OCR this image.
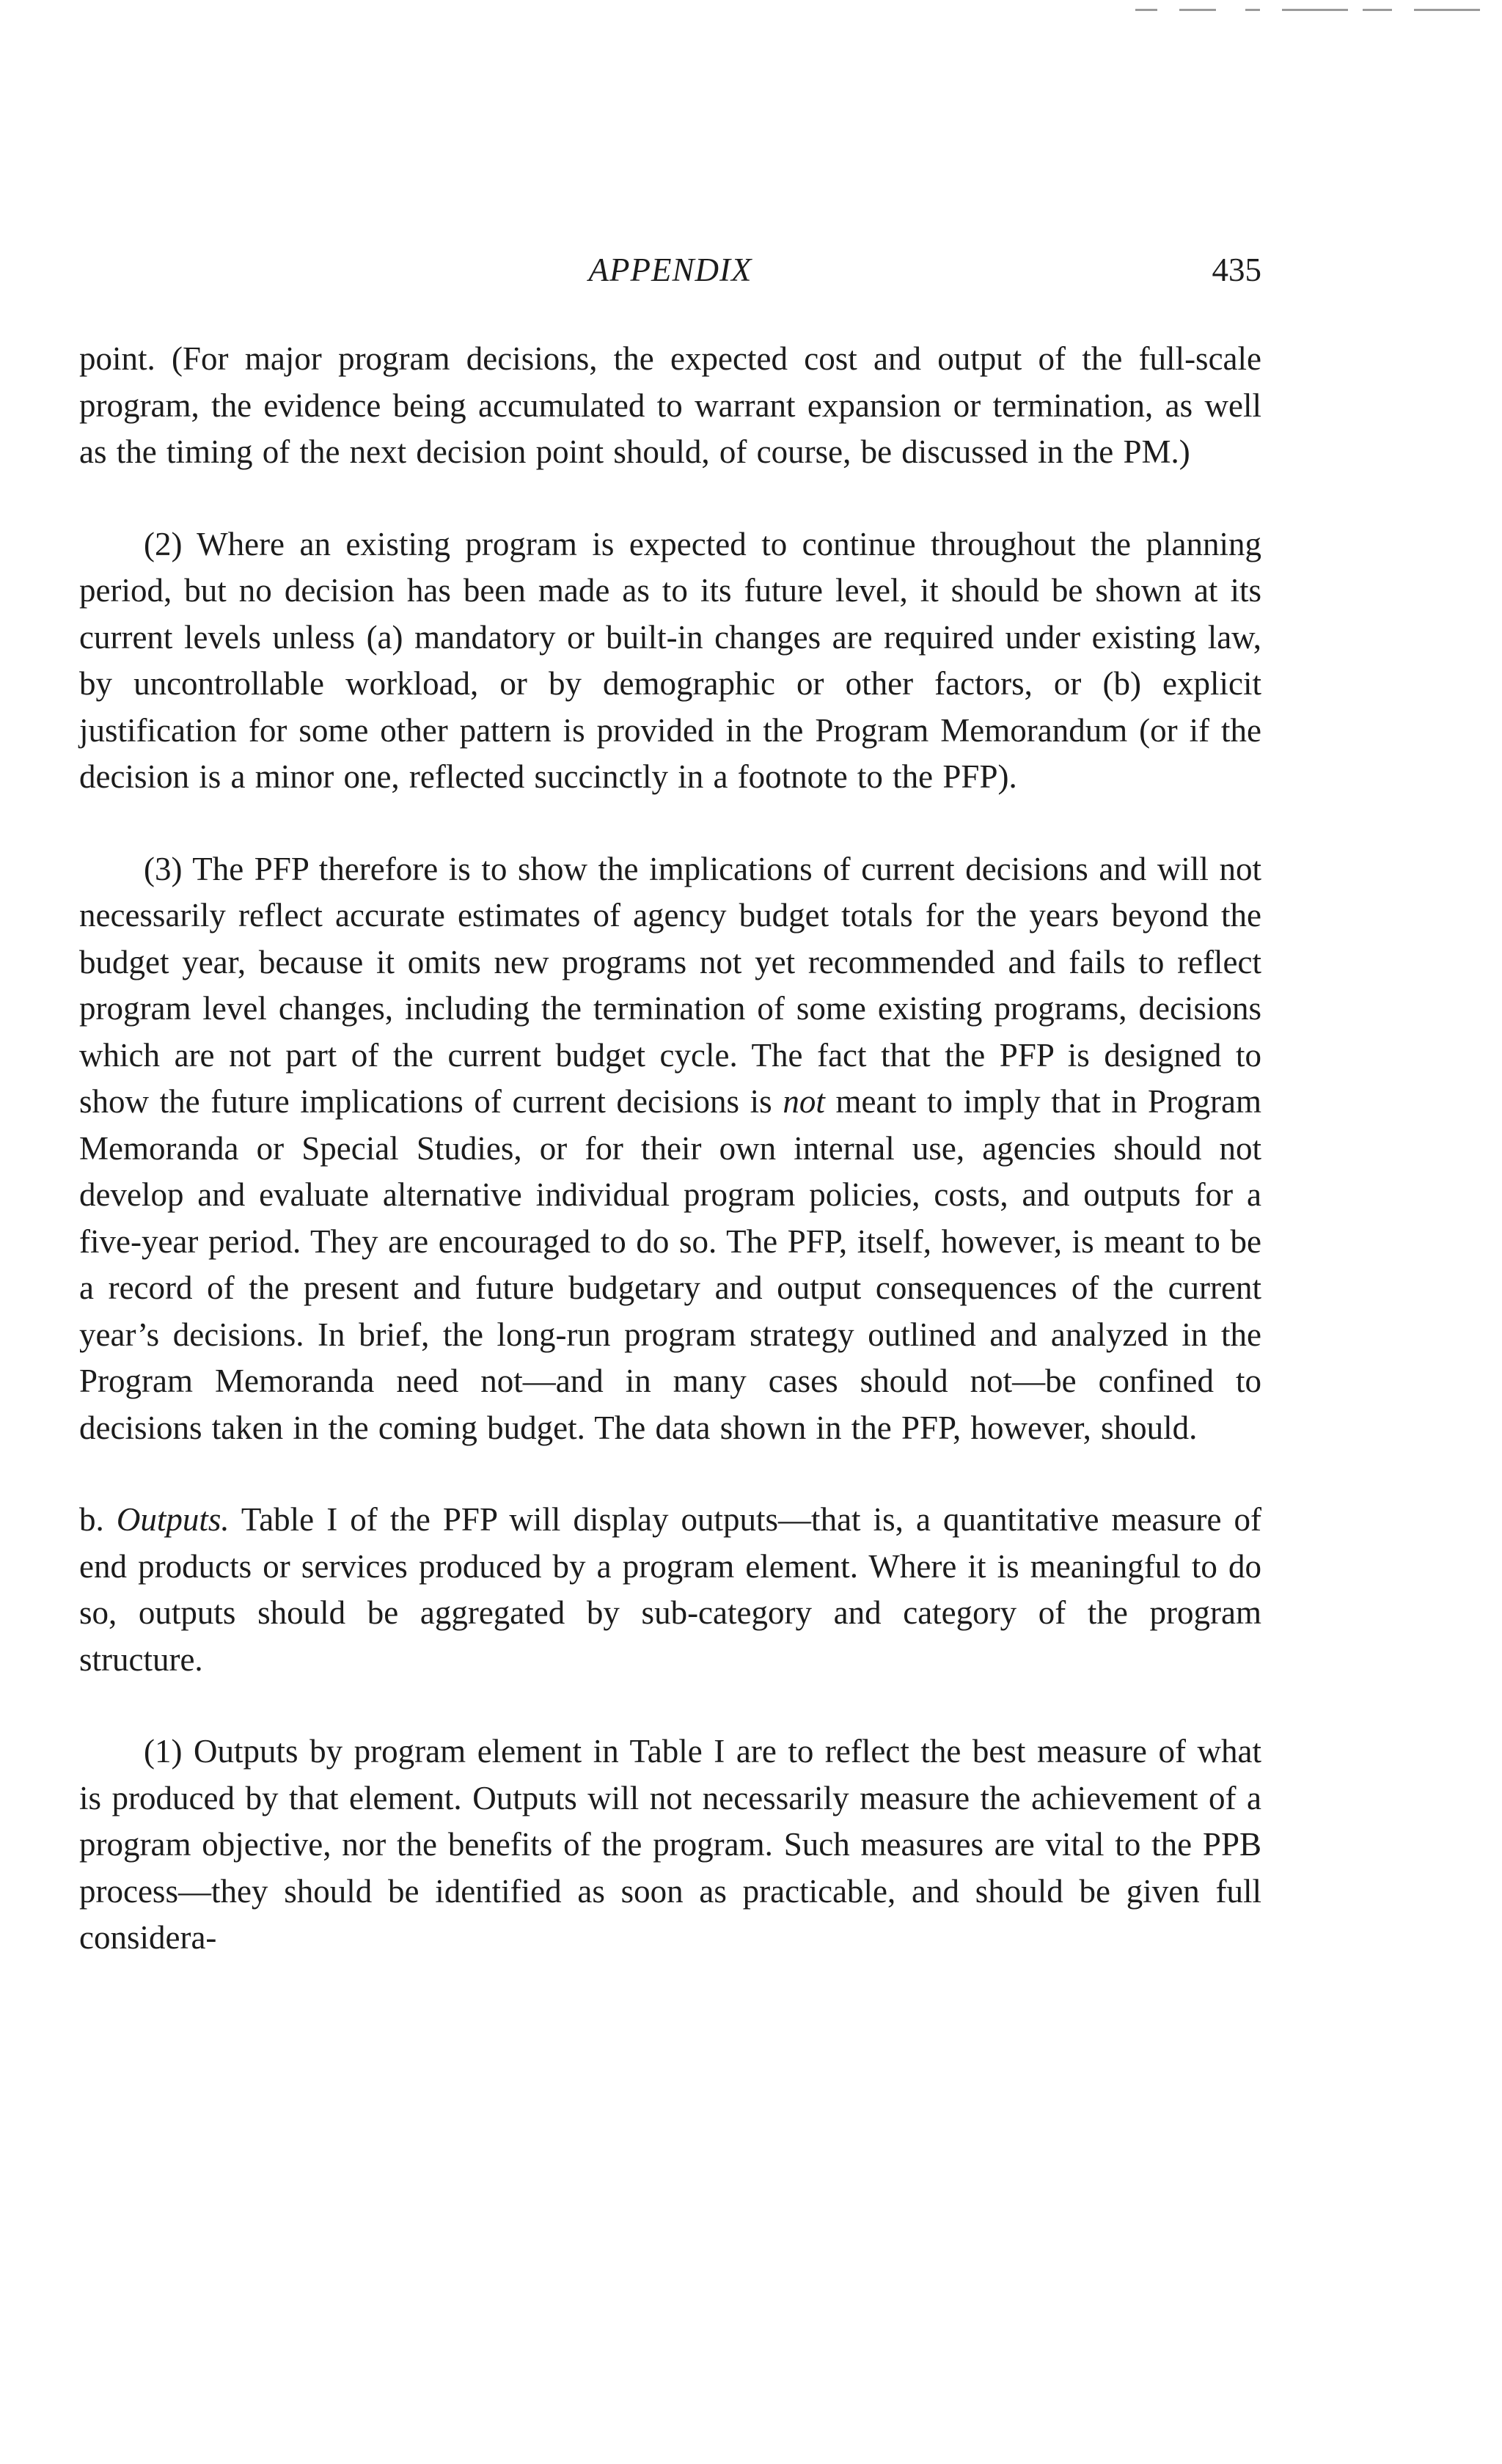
APPENDIX	435

point. (For major program decisions, the expected cost and output of the full-scale program, the evidence being accumulated to warrant expansion or termination, as well as the timing of the next decision point should, of course, be discussed in the PM.)

(2) Where an existing program is expected to continue throughout the planning period, but no decision has been made as to its future level, it should be shown at its current levels unless (a) mandatory or built-in changes are required under existing law, by uncontrollable workload, or by demographic or other factors, or (b) explicit justification for some other pattern is provided in the Program Memorandum (or if the decision is a minor one, reflected succinctly in a footnote to the PFP).

(3) The PFP therefore is to show the implications of current decisions and will not necessarily reflect accurate estimates of agency budget totals for the years beyond the budget year, because it omits new programs not yet recommended and fails to reflect program level changes, including the termination of some existing programs, decisions which are not part of the current budget cycle. The fact that the PFP is designed to show the future implications of current decisions is not meant to imply that in Program Memoranda or Special Studies, or for their own internal use, agencies should not develop and evaluate alternative individual program policies, costs, and outputs for a five-year period. They are encouraged to do so. The PFP, itself, however, is meant to be a record of the present and future budgetary and output consequences of the current year’s decisions. In brief, the long-run program strategy outlined and analyzed in the Program Memoranda need not—and in many cases should not—be confined to decisions taken in the coming budget. The data shown in the PFP, however, should.

b. Outputs. Table I of the PFP will display outputs—that is, a quantitative measure of end products or services produced by a program element. Where it is meaningful to do so, outputs should be aggregated by sub-category and category of the program structure.

(1) Outputs by program element in Table I are to reflect the best measure of what is produced by that element. Outputs will not necessarily measure the achievement of a program objective, nor the benefits of the program. Such measures are vital to the PPB process—they should be identified as soon as practicable, and should be given full considera-
